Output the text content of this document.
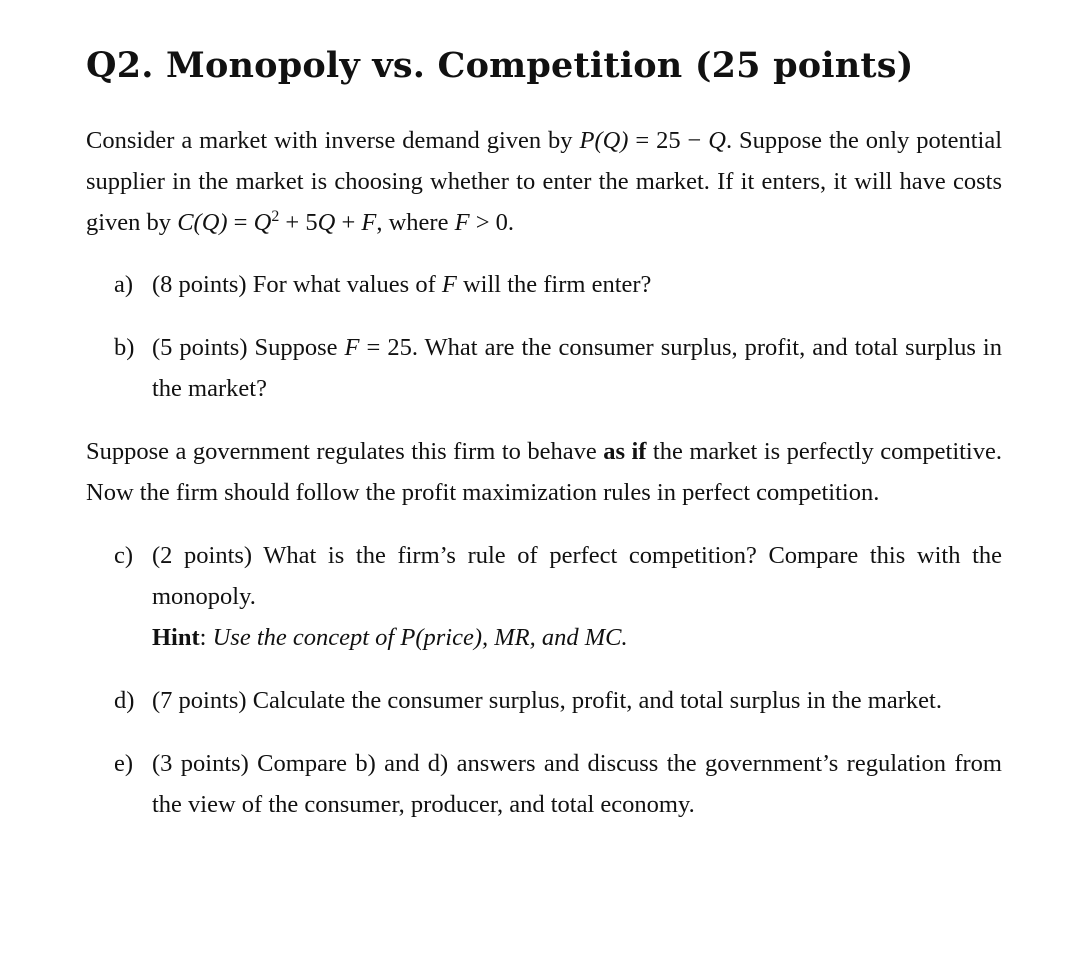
Q2. Monopoly vs. Competition (25 points)

Consider a market with inverse demand given by P(Q) = 25 − Q. Suppose the only potential supplier in the market is choosing whether to enter the market. If it enters, it will have costs given by $C(Q) = Q^2 + 5Q + F$, where F > 0.

a) (8 points) For what values of F will the firm enter?
b) (5 points) Suppose F = 25. What are the consumer surplus, profit, and total surplus in the market?

Suppose a government regulates this firm to behave as if the market is perfectly competitive. Now the firm should follow the profit maximization rules in perfect competition.

c) (2 points) What is the firm’s rule of perfect competition? Compare this with the monopoly.
Hint: Use the concept of P(price), MR, and MC.
d) (7 points) Calculate the consumer surplus, profit, and total surplus in the market.
e) (3 points) Compare b) and d) answers and discuss the government’s regulation from the view of the consumer, producer, and total economy.
